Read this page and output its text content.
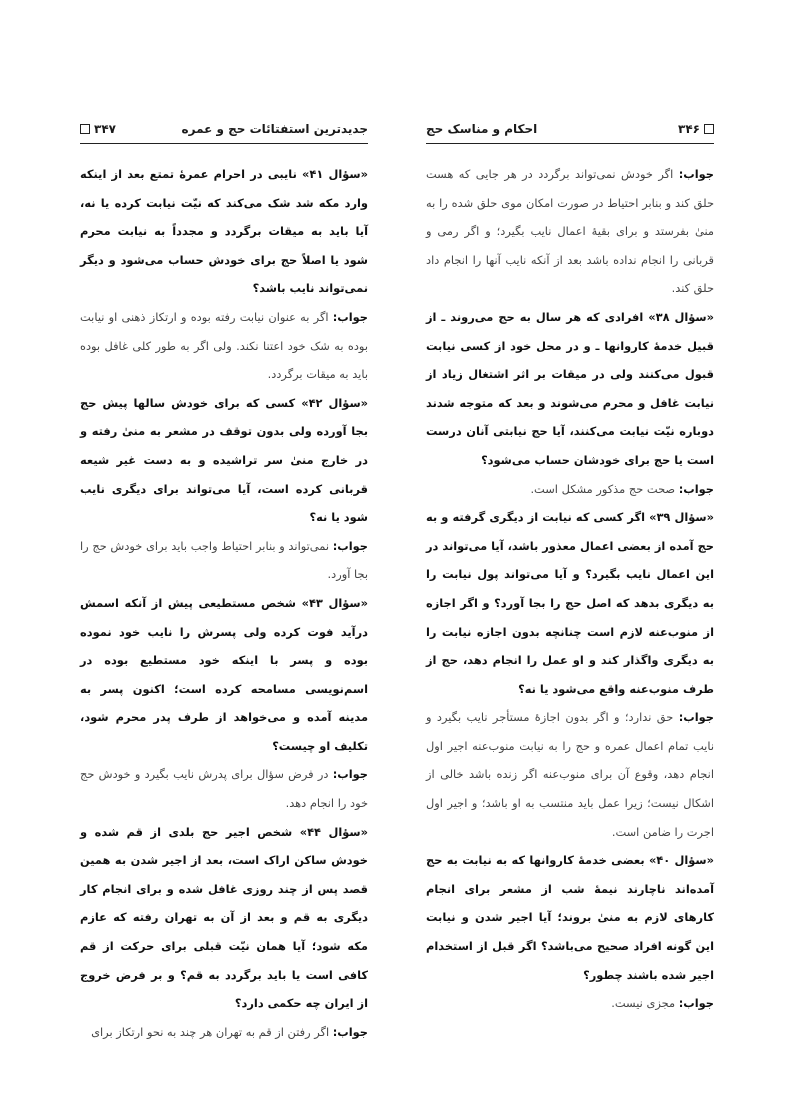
جدیدترین استفتائات حج و عمره
۳۴۷

«سؤال ۴۱» نایبی در احرام عمرهٔ تمتع بعد از اینکه وارد مکه شد شک می‌کند که نیّت نیابت کرده یا نه، آیا باید به میقات برگردد و مجدداً به نیابت محرم شود یا اصلاً حج برای خودش حساب می‌شود و دیگر نمی‌تواند نایب باشد؟

جواب: اگر به عنوان نیابت رفته بوده و ارتکاز ذهنی او نیابت بوده به شک خود اعتنا نکند. ولی اگر به طور کلی غافل بوده باید به میقات برگردد.

«سؤال ۴۲» کسی که برای خودش سالها پیش حج بجا آورده ولی بدون توقف در مشعر به منیٰ رفته و در خارج منیٰ سر تراشیده و به دست غیر شیعه قربانی کرده است، آیا می‌تواند برای دیگری نایب شود یا نه؟

جواب: نمی‌تواند و بنابر احتیاط واجب باید برای خودش حج را بجا آورد.

«سؤال ۴۳» شخص مستطیعی پیش از آنکه اسمش درآید فوت کرده ولی پسرش را نایب خود نموده بوده و پسر با اینکه خود مستطیع بوده در اسم‌نویسی مسامحه کرده است؛ اکنون پسر به مدینه آمده و می‌خواهد از طرف پدر محرم شود، تکلیف او چیست؟

جواب: در فرض سؤال برای پدرش نایب بگیرد و خودش حج خود را انجام دهد.

«سؤال ۴۴» شخص اجیر حج بلدی از قم شده و خودش ساکن اراک است، بعد از اجیر شدن به همین قصد پس از چند روزی غافل شده و برای انجام کار دیگری به قم و بعد از آن به تهران رفته که عازم مکه شود؛ آیا همان نیّت قبلی برای حرکت از قم کافی است یا باید برگردد به قم؟ و بر فرض خروج از ایران چه حکمی دارد؟

جواب: اگر رفتن از قم به تهران هر چند به نحو ارتکاز برای

۳۴۶
احکام و مناسک حج

جواب: اگر خودش نمی‌تواند برگردد در هر جایی که هست حلق کند و بنابر احتیاط در صورت امکان موی حلق شده را به منیٰ بفرستد و برای بقیهٔ اعمال نایب بگیرد؛ و اگر رمی و قربانی را انجام نداده باشد بعد از آنکه نایب آنها را انجام داد حلق کند.

«سؤال ۳۸» افرادی که هر سال به حج می‌روند ـ از قبیل خدمهٔ کاروانها ـ و در محل خود از کسی نیابت قبول می‌کنند ولی در میقات بر اثر اشتغال زیاد از نیابت غافل و محرم می‌شوند و بعد که متوجه شدند دوباره نیّت نیابت می‌کنند، آیا حج نیابتی آنان درست است یا حج برای خودشان حساب می‌شود؟

جواب: صحت حج مذکور مشکل است.

«سؤال ۳۹» اگر کسی که نیابت از دیگری گرفته و به حج آمده از بعضی اعمال معذور باشد، آیا می‌تواند در این اعمال نایب بگیرد؟ و آیا می‌تواند پول نیابت را به دیگری بدهد که اصل حج را بجا آورد؟ و اگر اجازه از منوب‌عنه لازم است چنانچه بدون اجازه نیابت را به دیگری واگذار کند و او عمل را انجام دهد، حج از طرف منوب‌عنه واقع می‌شود یا نه؟

جواب: حق ندارد؛ و اگر بدون اجازهٔ مستأجر نایب بگیرد و نایب تمام اعمال عمره و حج را به نیابت منوب‌عنه اجیر اول انجام دهد، وقوع آن برای منوب‌عنه اگر زنده باشد خالی از اشکال نیست؛ زیرا عمل باید منتسب به او باشد؛ و اجیر اول اجرت را ضامن است.

«سؤال ۴۰» بعضی خدمهٔ کاروانها که به نیابت به حج آمده‌اند ناچارند نیمهٔ شب از مشعر برای انجام کارهای لازم به منیٰ بروند؛ آیا اجیر شدن و نیابت این گونه افراد صحیح می‌باشد؟ اگر قبل از استخدام اجیر شده باشند چطور؟

جواب: مجزی نیست.
